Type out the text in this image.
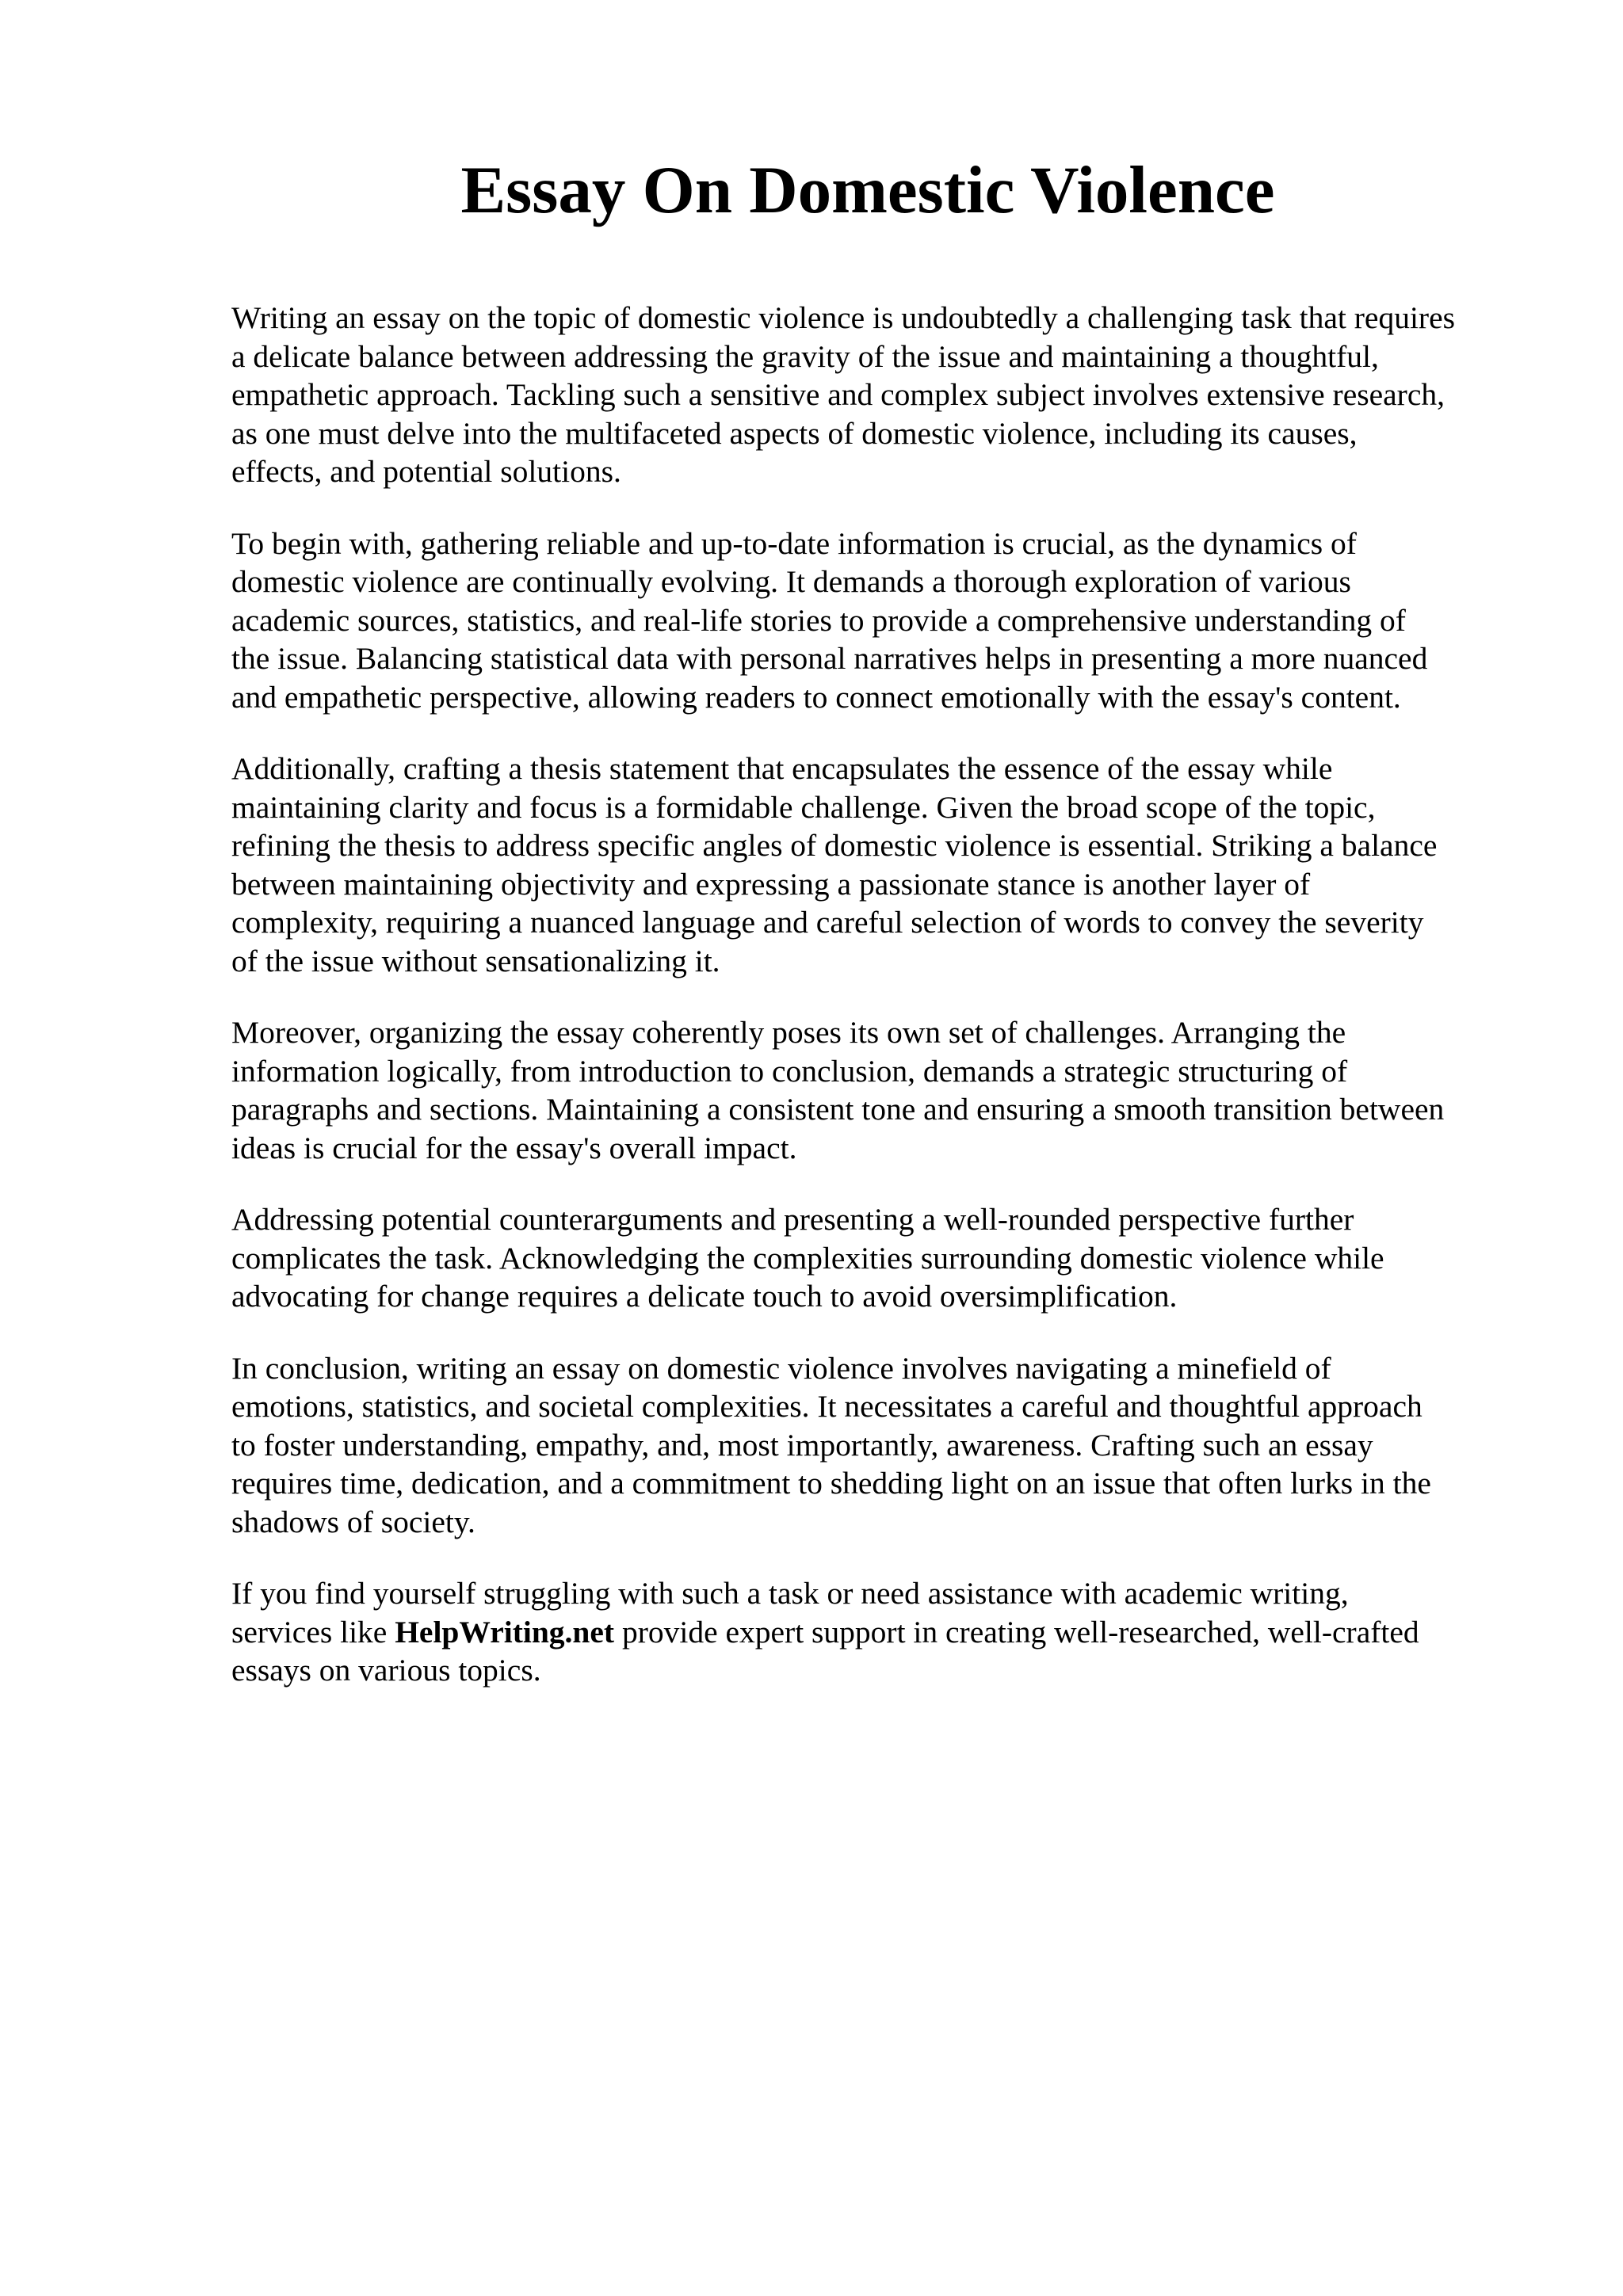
Essay On Domestic Violence

Writing an essay on the topic of domestic violence is undoubtedly a challenging task that requires
a delicate balance between addressing the gravity of the issue and maintaining a thoughtful,
empathetic approach. Tackling such a sensitive and complex subject involves extensive research,
as one must delve into the multifaceted aspects of domestic violence, including its causes,
effects, and potential solutions.

To begin with, gathering reliable and up-to-date information is crucial, as the dynamics of
domestic violence are continually evolving. It demands a thorough exploration of various
academic sources, statistics, and real-life stories to provide a comprehensive understanding of
the issue. Balancing statistical data with personal narratives helps in presenting a more nuanced
and empathetic perspective, allowing readers to connect emotionally with the essay's content.

Additionally, crafting a thesis statement that encapsulates the essence of the essay while
maintaining clarity and focus is a formidable challenge. Given the broad scope of the topic,
refining the thesis to address specific angles of domestic violence is essential. Striking a balance
between maintaining objectivity and expressing a passionate stance is another layer of
complexity, requiring a nuanced language and careful selection of words to convey the severity
of the issue without sensationalizing it.

Moreover, organizing the essay coherently poses its own set of challenges. Arranging the
information logically, from introduction to conclusion, demands a strategic structuring of
paragraphs and sections. Maintaining a consistent tone and ensuring a smooth transition between
ideas is crucial for the essay's overall impact.

Addressing potential counterarguments and presenting a well-rounded perspective further
complicates the task. Acknowledging the complexities surrounding domestic violence while
advocating for change requires a delicate touch to avoid oversimplification.

In conclusion, writing an essay on domestic violence involves navigating a minefield of
emotions, statistics, and societal complexities. It necessitates a careful and thoughtful approach
to foster understanding, empathy, and, most importantly, awareness. Crafting such an essay
requires time, dedication, and a commitment to shedding light on an issue that often lurks in the
shadows of society.

If you find yourself struggling with such a task or need assistance with academic writing,
services like HelpWriting.net provide expert support in creating well-researched, well-crafted
essays on various topics.
